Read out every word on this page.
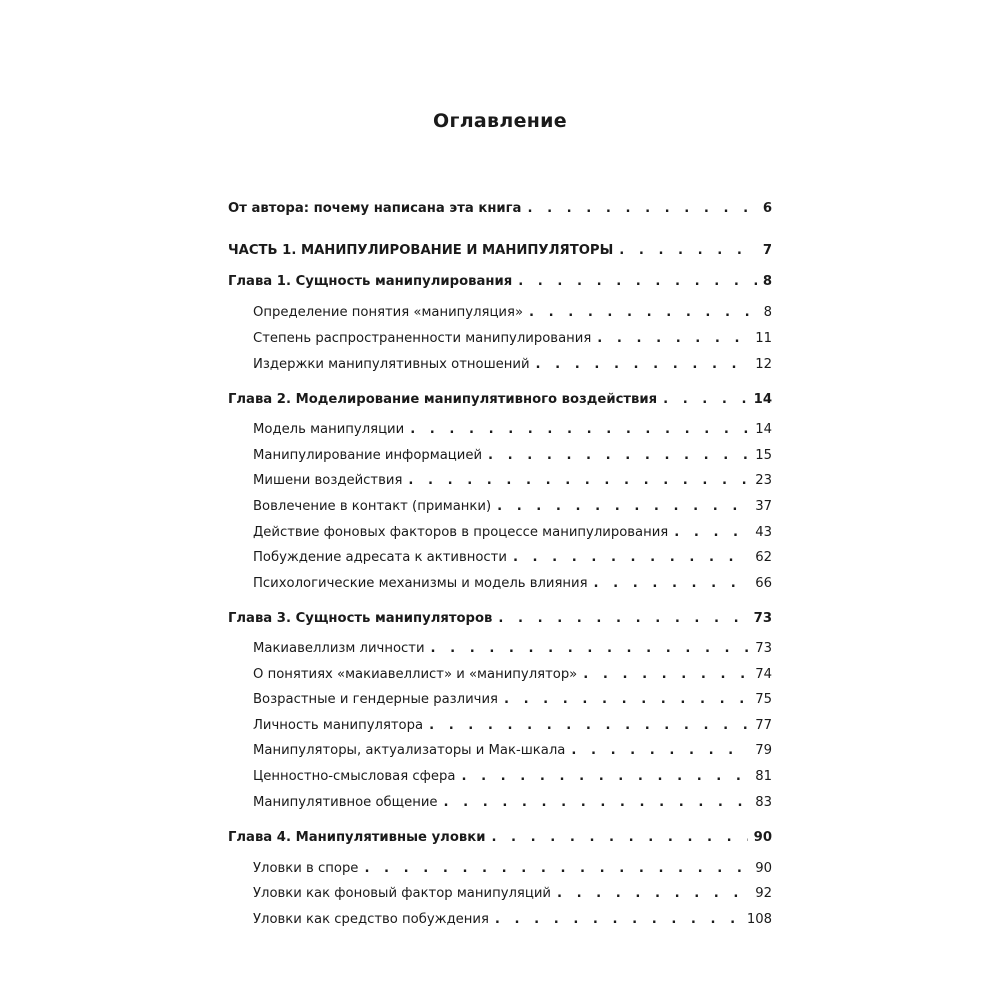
Оглавление
От автора: почему написана эта книга . . .	6
ЧАСТЬ 1. МАНИПУЛИРОВАНИЕ И МАНИПУЛЯТОРЫ . . .	7
Глава 1. Сущность манипулирования . . .	8
Определение понятия «манипуляция» . . .	8
Степень распространенности манипулирования . . .	11
Издержки манипулятивных отношений . . .	12
Глава 2. Моделирование манипулятивного воздействия . . .	14
Модель манипуляции . . .	14
Манипулирование информацией . . .	15
Мишени воздействия . . .	23
Вовлечение в контакт (приманки) . . .	37
Действие фоновых факторов в процессе манипулирования . . .	43
Побуждение адресата к активности . . .	62
Психологические механизмы и модель влияния . . .	66
Глава 3. Сущность манипуляторов . . .	73
Макиавеллизм личности . . .	73
О понятиях «макиавеллист» и «манипулятор» . . .	74
Возрастные и гендерные различия . . .	75
Личность манипулятора . . .	77
Манипуляторы, актуализаторы и Мак-шкала . . .	79
Ценностно-смысловая сфера . . .	81
Манипулятивное общение . . .	83
Глава 4. Манипулятивные уловки . . .	90
Уловки в споре . . .	90
Уловки как фоновый фактор манипуляций . . .	92
Уловки как средство побуждения . . .	108
